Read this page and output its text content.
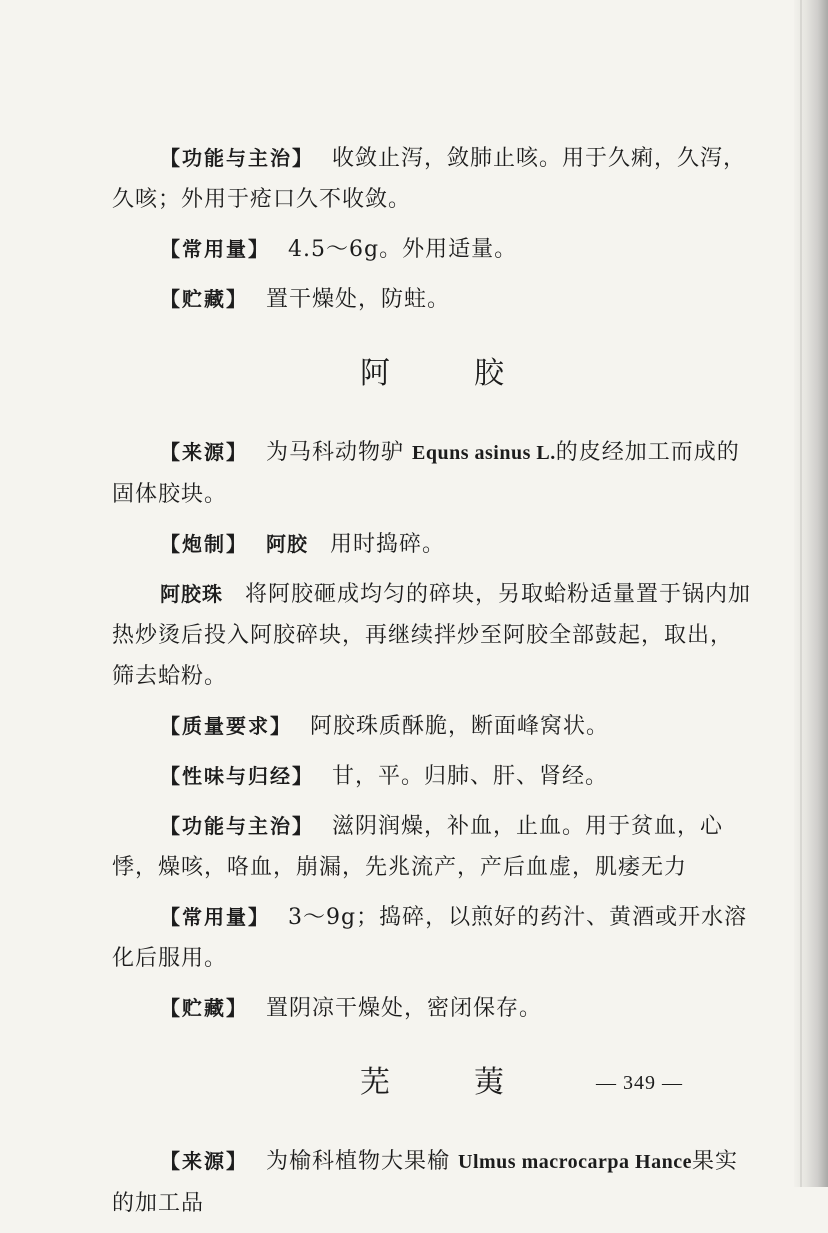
【功能与主治】 收敛止泻，敛肺止咳。用于久痢，久泻，久咳；外用于疮口久不收敛。

【常用量】 4.5～6g。外用适量。

【贮藏】 置干燥处，防蛀。

阿胶

【来源】 为马科动物驴 Equns asinus L.的皮经加工而成的固体胶块。

【炮制】 阿胶 用时捣碎。

阿胶珠 将阿胶砸成均匀的碎块，另取蛤粉适量置于锅内加热炒烫后投入阿胶碎块，再继续拌炒至阿胶全部鼓起，取出，筛去蛤粉。

【质量要求】 阿胶珠质酥脆，断面峰窝状。

【性味与归经】 甘，平。归肺、肝、肾经。

【功能与主治】 滋阴润燥，补血，止血。用于贫血，心悸，燥咳，咯血，崩漏，先兆流产，产后血虚，肌痿无力

【常用量】 3～9g；捣碎，以煎好的药汁、黄酒或开水溶化后服用。

【贮藏】 置阴凉干燥处，密闭保存。

芜荑

【来源】 为榆科植物大果榆 Ulmus macrocarpa Hance果实的加工品

— 349 —
